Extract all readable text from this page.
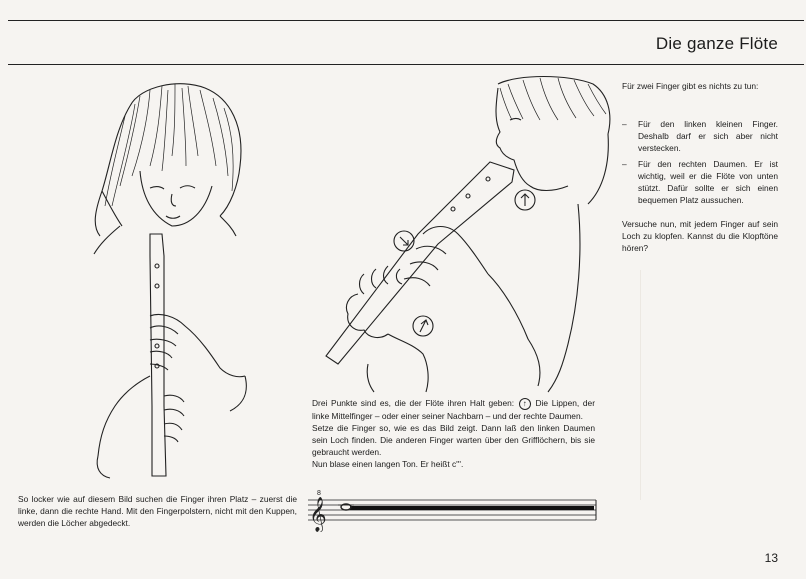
Die ganze Flöte

So locker wie auf diesem Bild suchen die Finger ihren Platz – zuerst die linke, dann die rechte Hand. Mit den Fingerpolstern, nicht mit den Kuppen, werden die Löcher abgedeckt.

Drei Punkte sind es, die der Flöte ihren Halt geben: ↑ Die Lippen, der linke Mittelfinger – oder einer seiner Nachbarn – und der rechte Daumen.

Setze die Finger so, wie es das Bild zeigt. Dann laß den linken Daumen sein Loch finden. Die anderen Finger warten über den Grifflöchern, bis sie gebraucht werden.

Nun blase einen langen Ton. Er heißt c'''.

𝄞
8

Für zwei Finger gibt es nichts zu tun:

– Für den linken kleinen Finger. Deshalb darf er sich aber nicht verstecken.
– Für den rechten Daumen. Er ist wichtig, weil er die Flöte von unten stützt. Dafür sollte er sich einen bequemen Platz aussuchen.

Versuche nun, mit jedem Finger auf sein Loch zu klopfen. Kannst du die Klopftöne hören?

13
